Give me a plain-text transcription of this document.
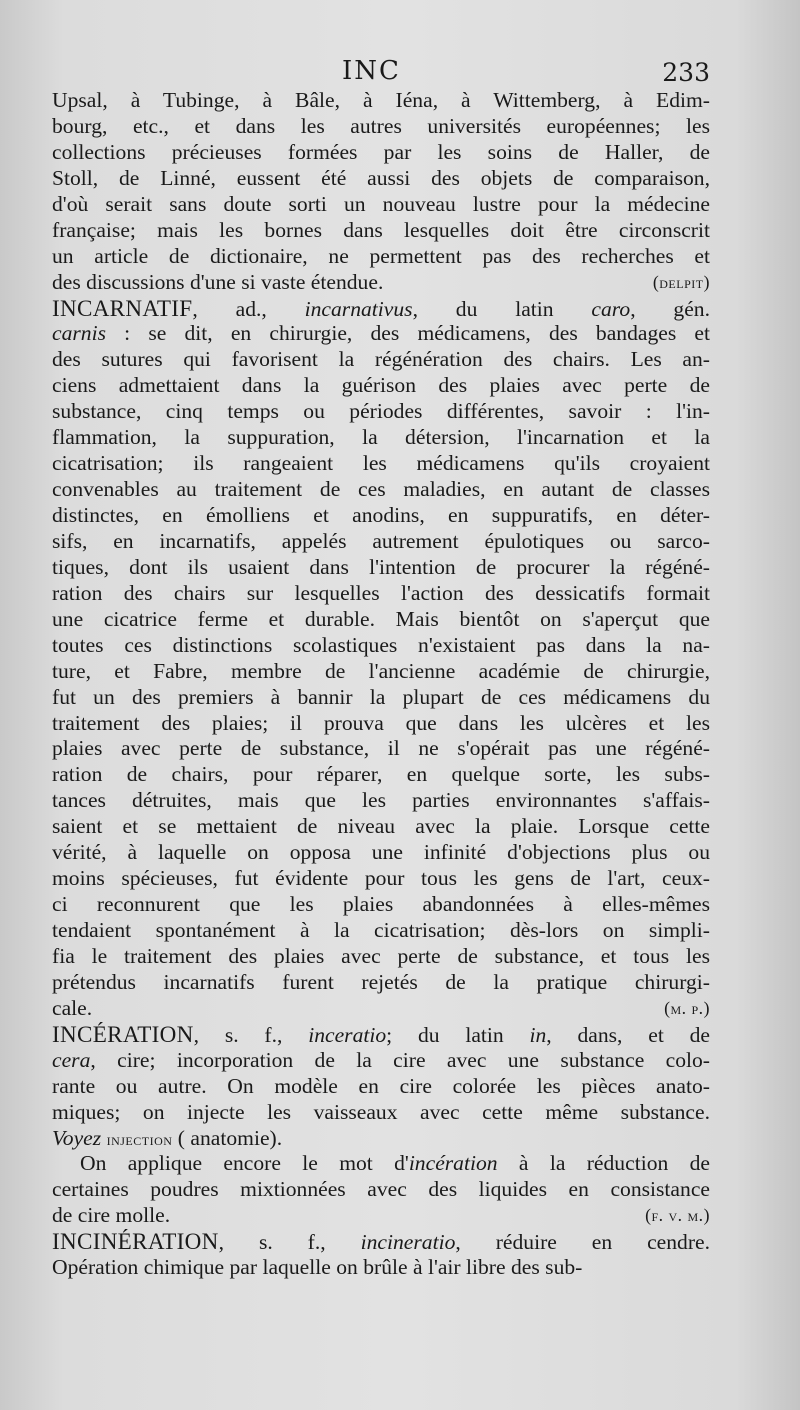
INC	233
Upsal, à Tubinge, à Bâle, à Iéna, à Wittemberg, à Edim-
bourg, etc., et dans les autres universités européennes; les
collections précieuses formées par les soins de Haller, de
Stoll, de Linné, eussent été aussi des objets de comparaison,
d'où serait sans doute sorti un nouveau lustre pour la médecine
française; mais les bornes dans lesquelles doit être circonscrit
un article de dictionaire, ne permettent pas des recherches et
des discussions d'une si vaste étendue.	(delpit)
INCARNATIF, ad., incarnativus, du latin caro, gén.
carnis : se dit, en chirurgie, des médicamens, des bandages et
des sutures qui favorisent la régénération des chairs. Les an-
ciens admettaient dans la guérison des plaies avec perte de
substance, cinq temps ou périodes différentes, savoir : l'in-
flammation, la suppuration, la détersion, l'incarnation et la
cicatrisation; ils rangeaient les médicamens qu'ils croyaient
convenables au traitement de ces maladies, en autant de classes
distinctes, en émolliens et anodins, en suppuratifs, en déter-
sifs, en incarnatifs, appelés autrement épulotiques ou sarco-
tiques, dont ils usaient dans l'intention de procurer la régéné-
ration des chairs sur lesquelles l'action des dessicatifs formait
une cicatrice ferme et durable. Mais bientôt on s'aperçut que
toutes ces distinctions scolastiques n'existaient pas dans la na-
ture, et Fabre, membre de l'ancienne académie de chirurgie,
fut un des premiers à bannir la plupart de ces médicamens du
traitement des plaies; il prouva que dans les ulcères et les
plaies avec perte de substance, il ne s'opérait pas une régéné-
ration de chairs, pour réparer, en quelque sorte, les subs-
tances détruites, mais que les parties environnantes s'affais-
saient et se mettaient de niveau avec la plaie. Lorsque cette
vérité, à laquelle on opposa une infinité d'objections plus ou
moins spécieuses, fut évidente pour tous les gens de l'art, ceux-
ci reconnurent que les plaies abandonnées à elles-mêmes
tendaient spontanément à la cicatrisation; dès-lors on simpli-
fia le traitement des plaies avec perte de substance, et tous les
prétendus incarnatifs furent rejetés de la pratique chirurgi-
cale.	(m. p.)
INCÉRATION, s. f., inceratio; du latin in, dans, et de
cera, cire; incorporation de la cire avec une substance colo-
rante ou autre. On modèle en cire colorée les pièces anato-
miques; on injecte les vaisseaux avec cette même substance.
Voyez injection ( anatomie).
On applique encore le mot d'incération à la réduction de
certaines poudres mixtionnées avec des liquides en consistance
de cire molle.	(f. v. m.)
INCINÉRATION, s. f., incineratio, réduire en cendre.
Opération chimique par laquelle on brûle à l'air libre des sub-
